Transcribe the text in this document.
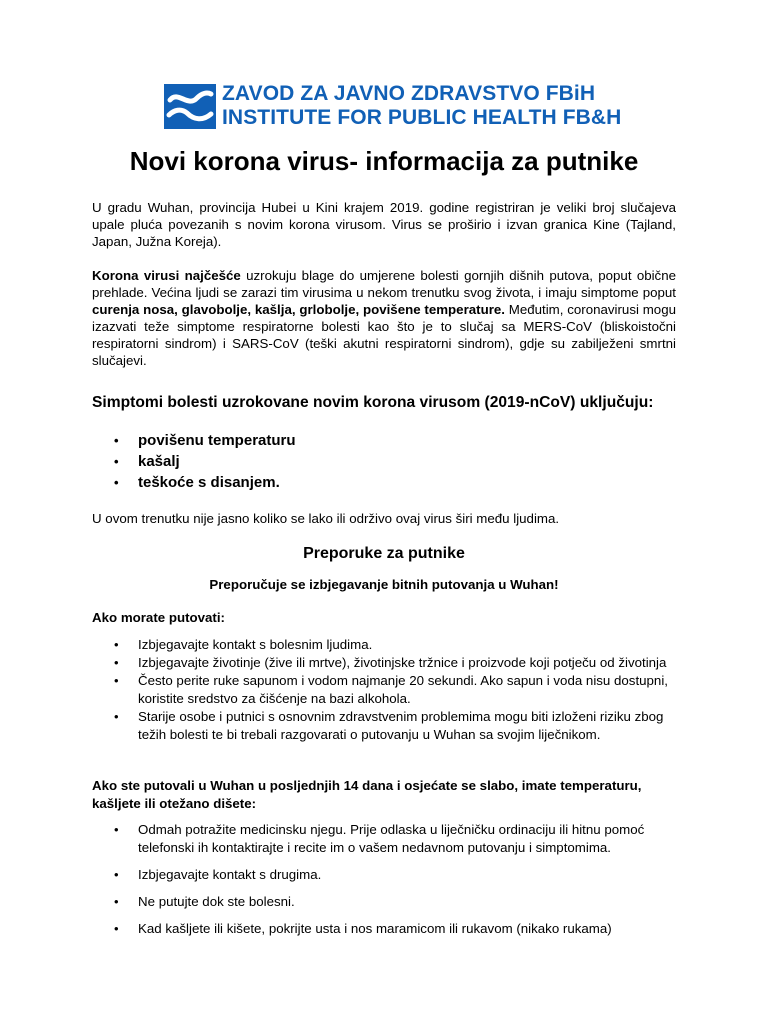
ZAVOD ZA JAVNO ZDRAVSTVO FBiH
INSTITUTE FOR PUBLIC HEALTH FB&H
Novi korona virus- informacija za putnike

U gradu Wuhan, provincija Hubei u Kini krajem 2019. godine registriran je veliki broj slučajeva upale pluća povezanih s novim korona virusom. Virus se proširio i izvan granica Kine (Tajland, Japan, Južna Koreja).

Korona virusi najčešće uzrokuju blage do umjerene bolesti gornjih dišnih putova, poput obične prehlade. Većina ljudi se zarazi tim virusima u nekom trenutku svog života, i imaju simptome poput curenja nosa, glavobolje, kašlja, grlobolje, povišene temperature. Međutim, coronavirusi mogu izazvati teže simptome respiratorne bolesti kao što je to slučaj sa MERS-CoV (bliskoistočni respiratorni sindrom) i SARS-CoV (teški akutni respiratorni sindrom), gdje su zabilježeni smrtni slučajevi.

Simptomi bolesti uzrokovane novim korona virusom (2019-nCoV) uključuju:
• povišenu temperaturu
• kašalj
• teškoće s disanjem.

U ovom trenutku nije jasno koliko se lako ili održivo ovaj virus širi među ljudima.

Preporuke za putnike

Preporučuje se izbjegavanje bitnih putovanja u Wuhan!

Ako morate putovati:

• Izbjegavajte kontakt s bolesnim ljudima.
• Izbjegavajte životinje (žive ili mrtve), životinjske tržnice i proizvode koji potječu od životinja
• Često perite ruke sapunom i vodom najmanje 20 sekundi. Ako sapun i voda nisu dostupni, koristite sredstvo za čišćenje na bazi alkohola.
• Starije osobe i putnici s osnovnim zdravstvenim problemima mogu biti izloženi riziku zbog težih bolesti te bi trebali razgovarati o putovanju u Wuhan sa svojim liječnikom.

Ako ste putovali u Wuhan u posljednjih 14 dana i osjećate se slabo, imate temperaturu, kašljete ili otežano dišete:

• Odmah potražite medicinsku njegu. Prije odlaska u liječničku ordinaciju ili hitnu pomoć telefonski ih kontaktirajte i recite im o vašem nedavnom putovanju i simptomima.
• Izbjegavajte kontakt s drugima.
• Ne putujte dok ste bolesni.
• Kad kašljete ili kišete, pokrijte usta i nos maramicom ili rukavom (nikako rukama)
